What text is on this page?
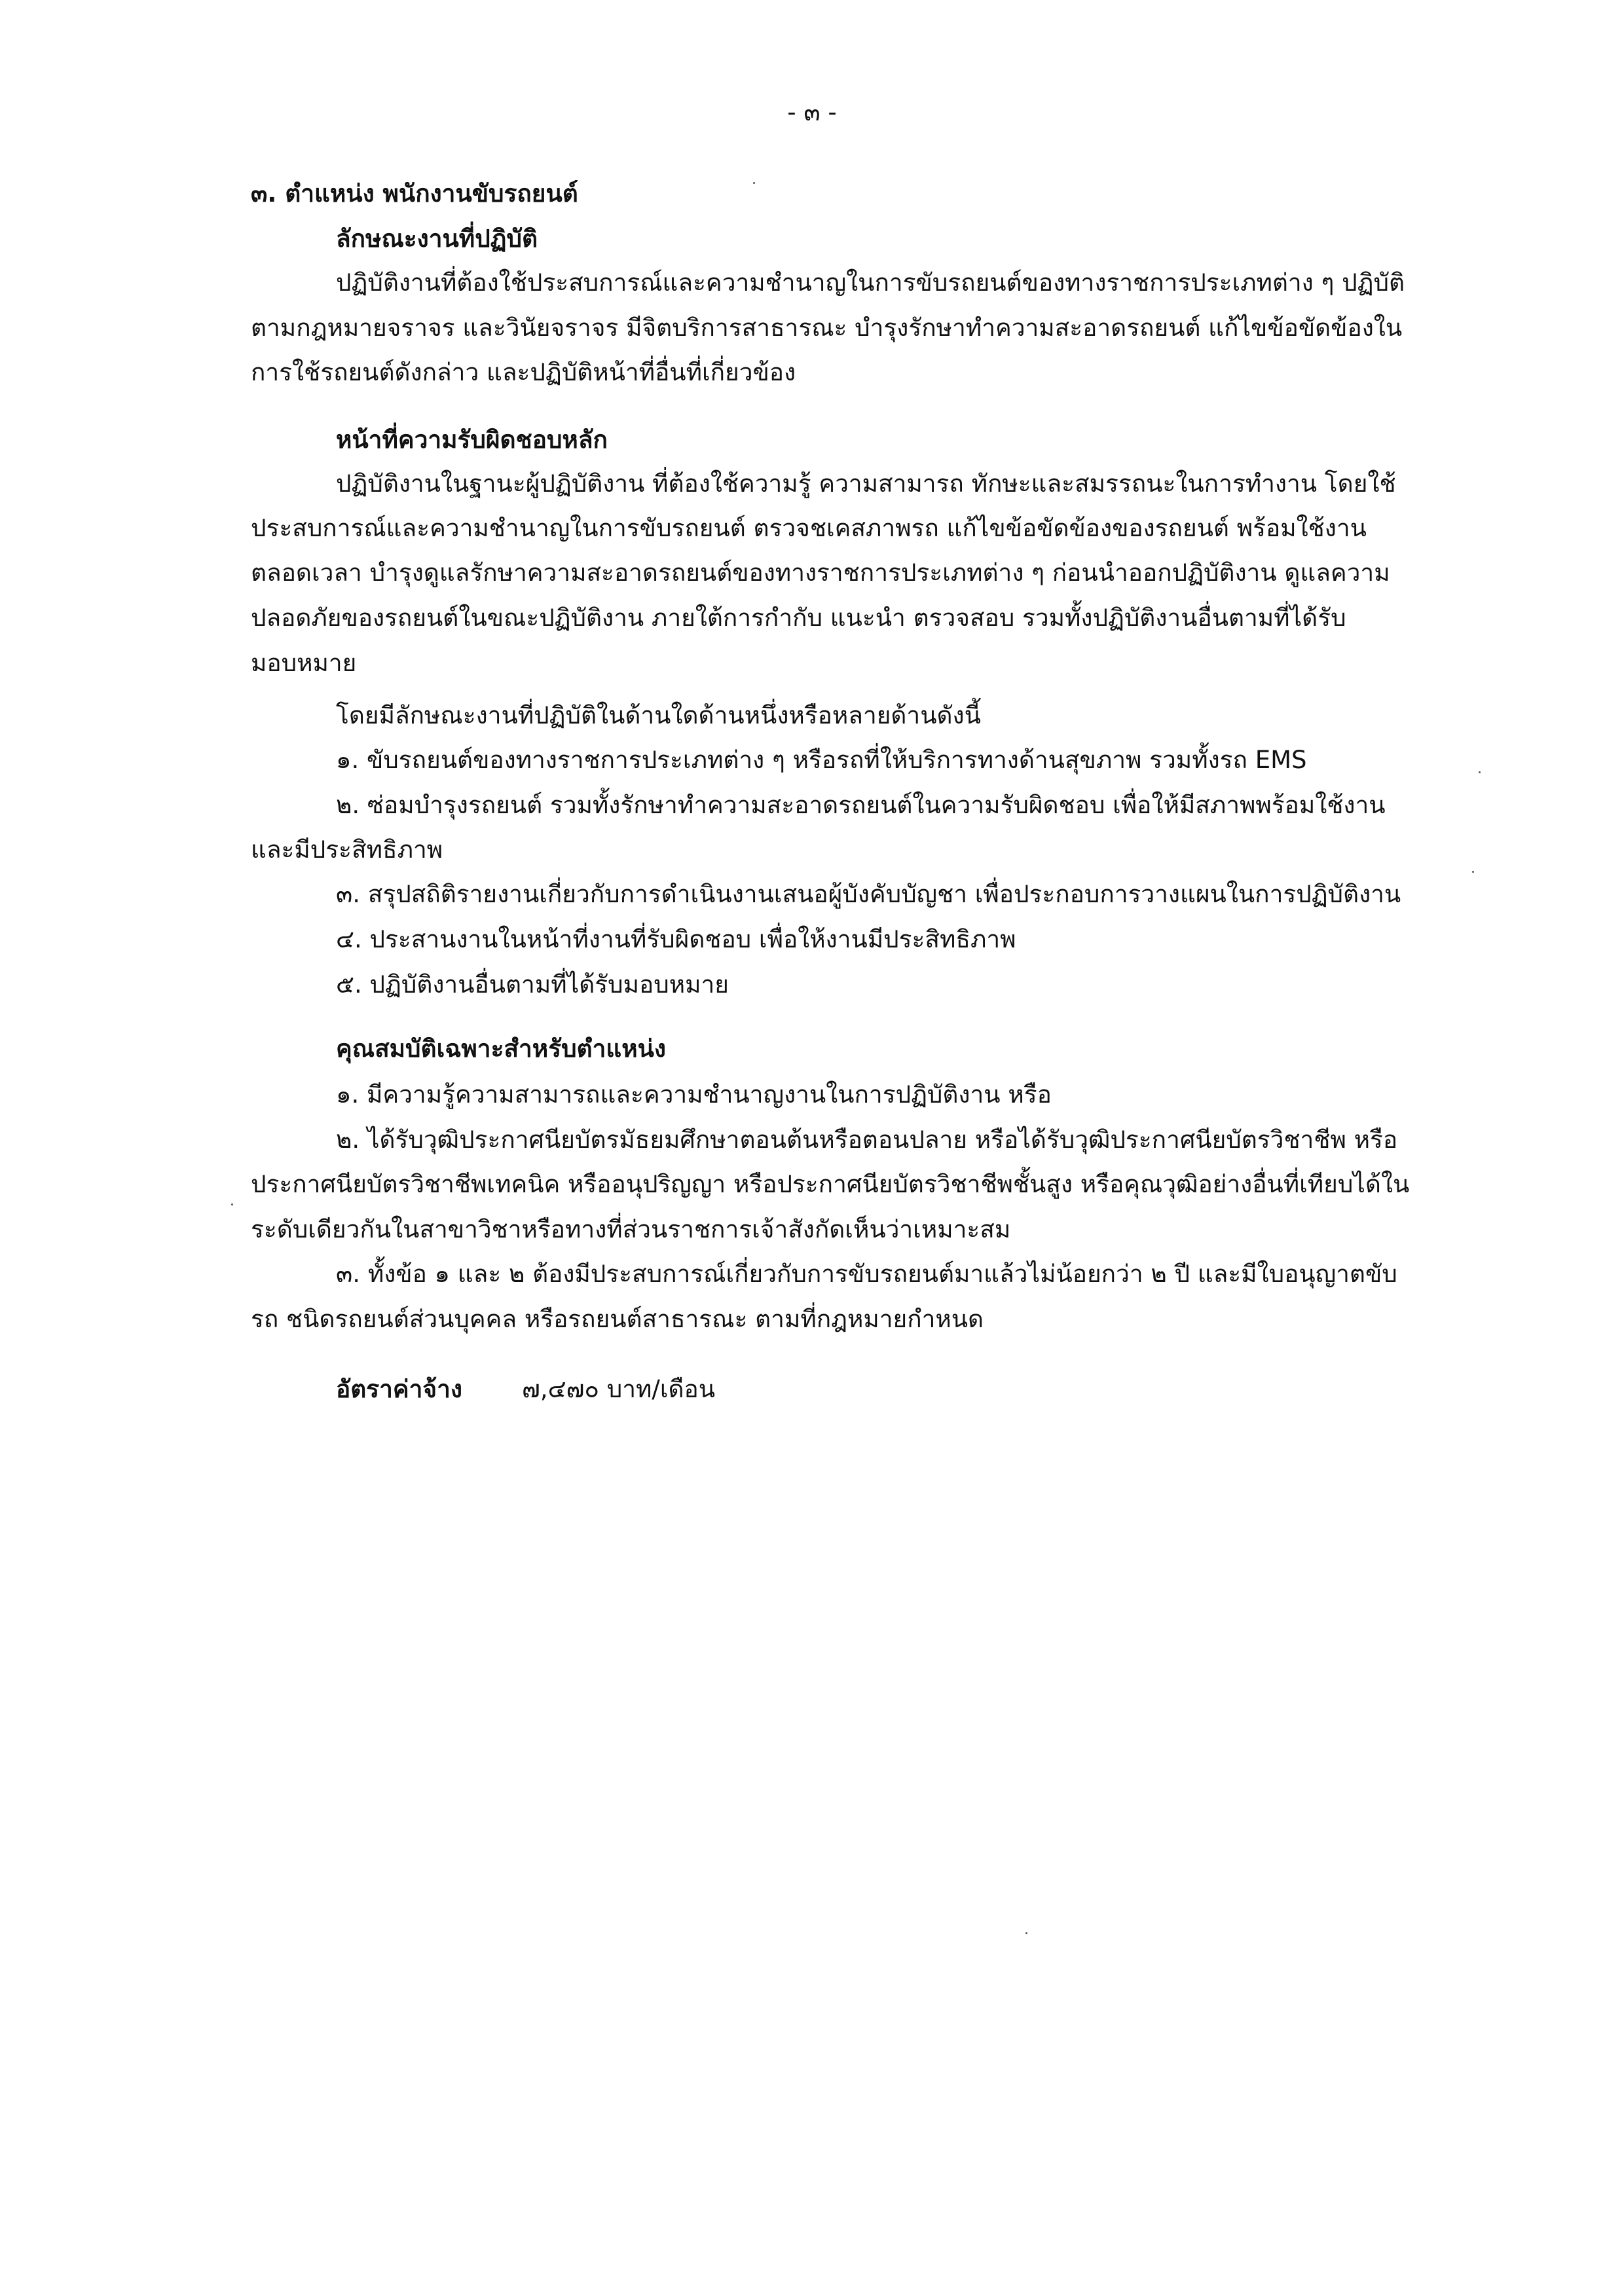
- ๓ -
๓. ตำแหน่ง พนักงานขับรถยนต์
ลักษณะงานที่ปฏิบัติ
ปฏิบัติงานที่ต้องใช้ประสบการณ์และความชำนาญในการขับรถยนต์ของทางราชการประเภทต่าง ๆ ปฏิบัติ
ตามกฎหมายจราจร และวินัยจราจร มีจิตบริการสาธารณะ บำรุงรักษาทำความสะอาดรถยนต์ แก้ไขข้อขัดข้องใน
การใช้รถยนต์ดังกล่าว และปฏิบัติหน้าที่อื่นที่เกี่ยวข้อง
หน้าที่ความรับผิดชอบหลัก
ปฏิบัติงานในฐานะผู้ปฏิบัติงาน ที่ต้องใช้ความรู้ ความสามารถ ทักษะและสมรรถนะในการทำงาน โดยใช้
ประสบการณ์และความชำนาญในการขับรถยนต์ ตรวจชเคสภาพรถ แก้ไขข้อขัดข้องของรถยนต์ พร้อมใช้งาน
ตลอดเวลา บำรุงดูแลรักษาความสะอาดรถยนต์ของทางราชการประเภทต่าง ๆ ก่อนนำออกปฏิบัติงาน ดูแลความ
ปลอดภัยของรถยนต์ในขณะปฏิบัติงาน ภายใต้การกำกับ แนะนำ ตรวจสอบ รวมทั้งปฏิบัติงานอื่นตามที่ได้รับ
มอบหมาย
โดยมีลักษณะงานที่ปฏิบัติในด้านใดด้านหนึ่งหรือหลายด้านดังนี้
๑. ขับรถยนต์ของทางราชการประเภทต่าง ๆ หรือรถที่ให้บริการทางด้านสุขภาพ รวมทั้งรถ EMS
๒. ซ่อมบำรุงรถยนต์ รวมทั้งรักษาทำความสะอาดรถยนต์ในความรับผิดชอบ เพื่อให้มีสภาพพร้อมใช้งาน
และมีประสิทธิภาพ
๓. สรุปสถิติรายงานเกี่ยวกับการดำเนินงานเสนอผู้บังคับบัญชา เพื่อประกอบการวางแผนในการปฏิบัติงาน
๔. ประสานงานในหน้าที่งานที่รับผิดชอบ เพื่อให้งานมีประสิทธิภาพ
๕. ปฏิบัติงานอื่นตามที่ได้รับมอบหมาย
คุณสมบัติเฉพาะสำหรับตำแหน่ง
๑. มีความรู้ความสามารถและความชำนาญงานในการปฏิบัติงาน หรือ
๒. ได้รับวุฒิประกาศนียบัตรมัธยมศึกษาตอนต้นหรือตอนปลาย หรือได้รับวุฒิประกาศนียบัตรวิชาชีพ หรือ
ประกาศนียบัตรวิชาชีพเทคนิค หรืออนุปริญญา หรือประกาศนียบัตรวิชาชีพชั้นสูง หรือคุณวุฒิอย่างอื่นที่เทียบได้ใน
ระดับเดียวกันในสาขาวิชาหรือทางที่ส่วนราชการเจ้าสังกัดเห็นว่าเหมาะสม
๓. ทั้งข้อ ๑ และ ๒ ต้องมีประสบการณ์เกี่ยวกับการขับรถยนต์มาแล้วไม่น้อยกว่า ๒ ปี และมีใบอนุญาตขับ
รถ ชนิดรถยนต์ส่วนบุคคล หรือรถยนต์สาธารณะ ตามที่กฎหมายกำหนด
อัตราค่าจ้าง ๗,๔๗๐ บาท/เดือน
